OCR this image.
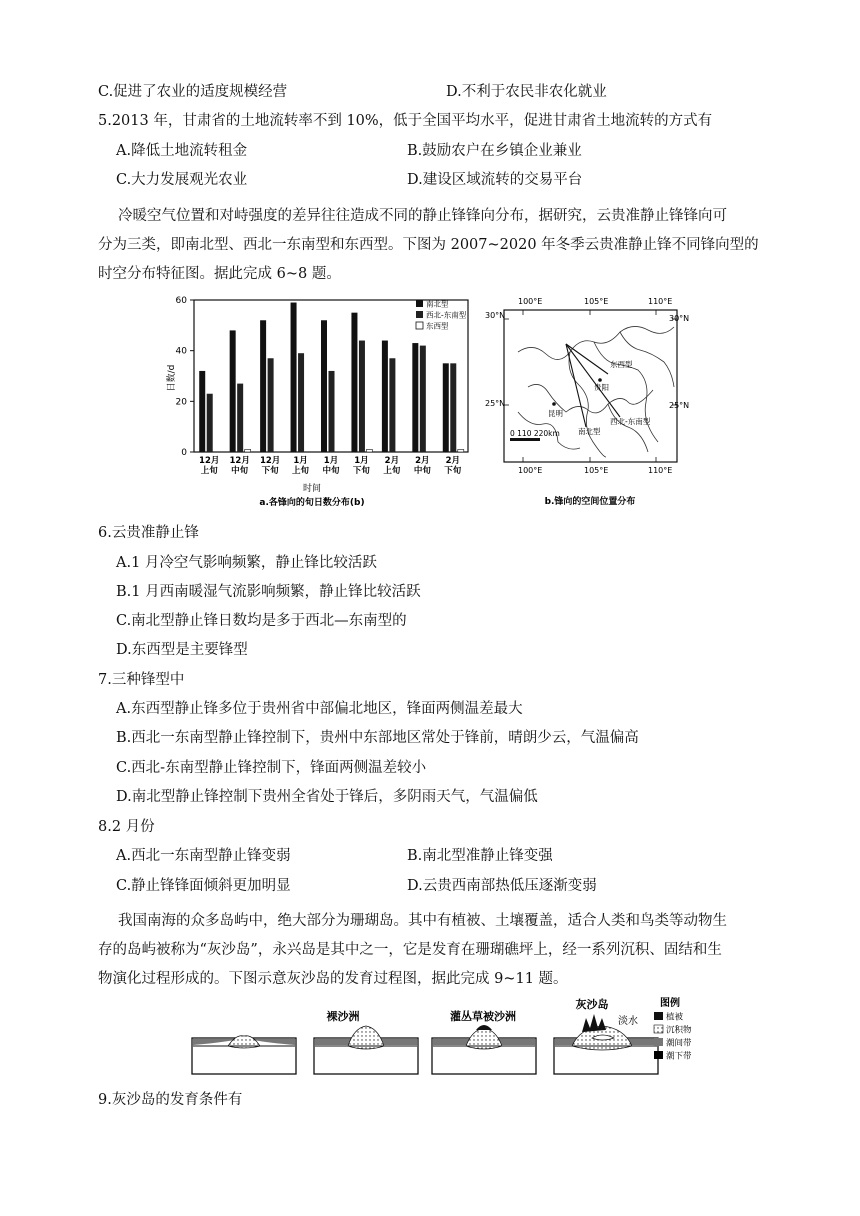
C.促进了农业的适度规模经营	D.不利于农民非农化就业
5.2013 年，甘肃省的土地流转率不到 10%，低于全国平均水平，促进甘肃省土地流转的方式有
A.降低土地流转租金	B.鼓励农户在乡镇企业兼业
C.大力发展观光农业	D.建设区域流转的交易平台
冷暖空气位置和对峙强度的差异往往造成不同的静止锋锋向分布，据研究，云贵准静止锋锋向可
分为三类，即南北型、西北一东南型和东西型。下图为 2007~2020 年冬季云贵准静止锋不同锋向型的
时空分布特征图。据此完成 6~8 题。
0
20
40
60
12月
上旬
12月
中旬
12月
下旬
1月
上旬
1月
中旬
1月
下旬
2月
上旬
2月
中旬
2月
下旬
日数/d
时间
a.各锋向的旬日数分布(b)
南北型
西北-东南型
东西型
100°E	105°E	110°E
100°E	105°E	110°E
30°N
25°N
30°N
25°N
东西型
贵阳
昆明
南北型
西北-东南型
0 110 220km
b.锋向的空间位置分布
6.云贵准静止锋
A.1 月冷空气影响频繁，静止锋比较活跃
B.1 月西南暖湿气流影响频繁，静止锋比较活跃
C.南北型静止锋日数均是多于西北—东南型的
D.东西型是主要锋型
7.三种锋型中
A.东西型静止锋多位于贵州省中部偏北地区，锋面两侧温差最大
B.西北一东南型静止锋控制下，贵州中东部地区常处于锋前，晴朗少云，气温偏高
C.西北-东南型静止锋控制下，锋面两侧温差较小
D.南北型静止锋控制下贵州全省处于锋后，多阴雨天气，气温偏低
8.2 月份
A.西北一东南型静止锋变弱	B.南北型准静止锋变强
C.静止锋锋面倾斜更加明显	D.云贵西南部热低压逐渐变弱
我国南海的众多岛屿中，绝大部分为珊瑚岛。其中有植被、土壤覆盖，适合人类和鸟类等动物生
存的岛屿被称为“灰沙岛”，永兴岛是其中之一，它是发育在珊瑚礁坪上，经一系列沉积、固结和生
物演化过程形成的。下图示意灰沙岛的发育过程图，据此完成 9~11 题。
裸沙洲	灌丛草被沙洲
灰沙岛
淡水
图例
植被
沉积物
潮间带
潮下带
9.灰沙岛的发育条件有
